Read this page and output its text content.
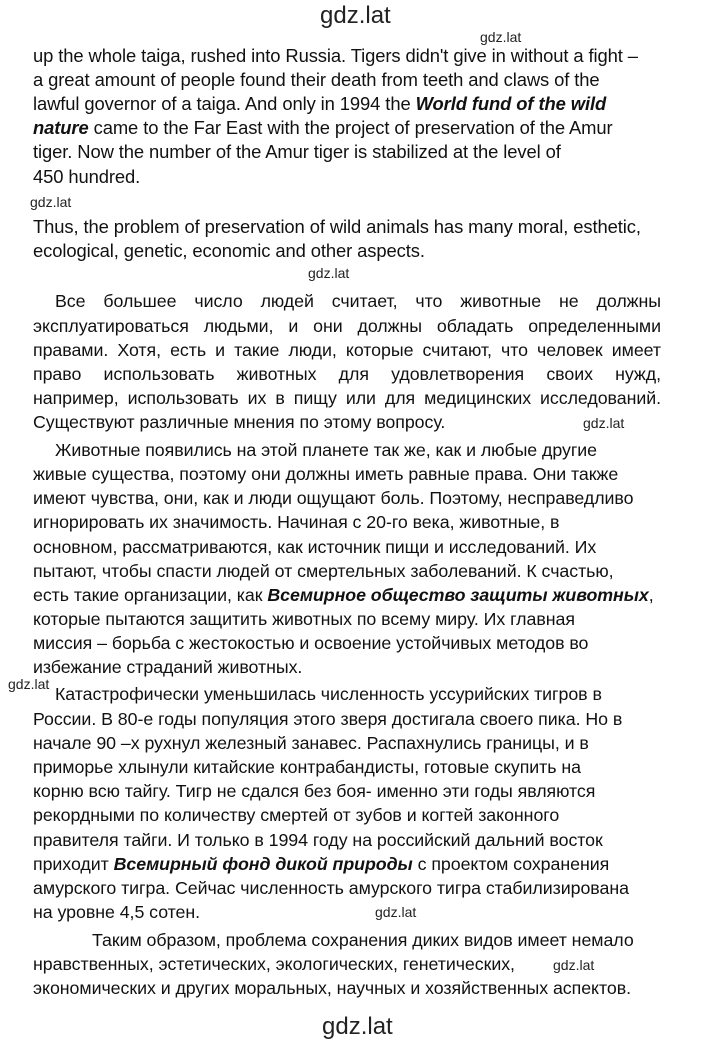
gdz.lat
gdz.lat
gdz.lat
gdz.lat
gdz.lat
gdz.lat
gdz.lat
gdz.lat
gdz.lat
up the whole taiga, rushed into Russia. Tigers didn't give in without a fight –
a great amount of people found their death from teeth and claws of the
lawful governor of a taiga. And only in 1994 the World fund of the wild
nature came to the Far East with the project of preservation of the Amur
tiger. Now the number of the Amur tiger is stabilized at the level of
450 hundred.
Thus, the problem of preservation of wild animals has many moral, esthetic,
ecological, genetic, economic and other aspects.
Все большее число людей считает, что животные не должны
эксплуатироваться людьми, и они должны обладать определенными
правами. Хотя, есть и такие люди, которые считают, что человек имеет
право использовать животных для удовлетворения своих нужд,
например, использовать их в пищу или для медицинских исследований.
Существуют различные мнения по этому вопросу.
Животные появились на этой планете так же, как и любые другие
живые существа, поэтому они должны иметь равные права. Они также
имеют чувства, они, как и люди ощущают боль. Поэтому, несправедливо
игнорировать их значимость. Начиная с 20-го века, животные, в
основном, рассматриваются, как источник пищи и исследований. Их
пытают, чтобы спасти людей от смертельных заболеваний. К счастью,
есть такие организации, как Всемирное общество защиты животных,
которые пытаются защитить животных по всему миру. Их главная
миссия – борьба с жестокостью и освоение устойчивых методов во
избежание страданий животных.
Катастрофически уменьшилась численность уссурийских тигров в
России. В 80-е годы популяция этого зверя достигала своего пика. Но в
начале 90 –х рухнул железный занавес. Распахнулись границы, и в
приморье хлынули китайские контрабандисты, готовые скупить на
корню всю тайгу. Тигр не сдался без боя- именно эти годы являются
рекордными по количеству смертей от зубов и когтей законного
правителя тайги. И только в 1994 году на российский дальний восток
приходит Всемирный фонд дикой природы с проектом сохранения
амурского тигра. Сейчас численность амурского тигра стабилизирована
на уровне 4,5 сотен.
Таким образом, проблема сохранения диких видов имеет немало
нравственных, эстетических, экологических, генетических,
экономических и других моральных, научных и хозяйственных аспектов.
